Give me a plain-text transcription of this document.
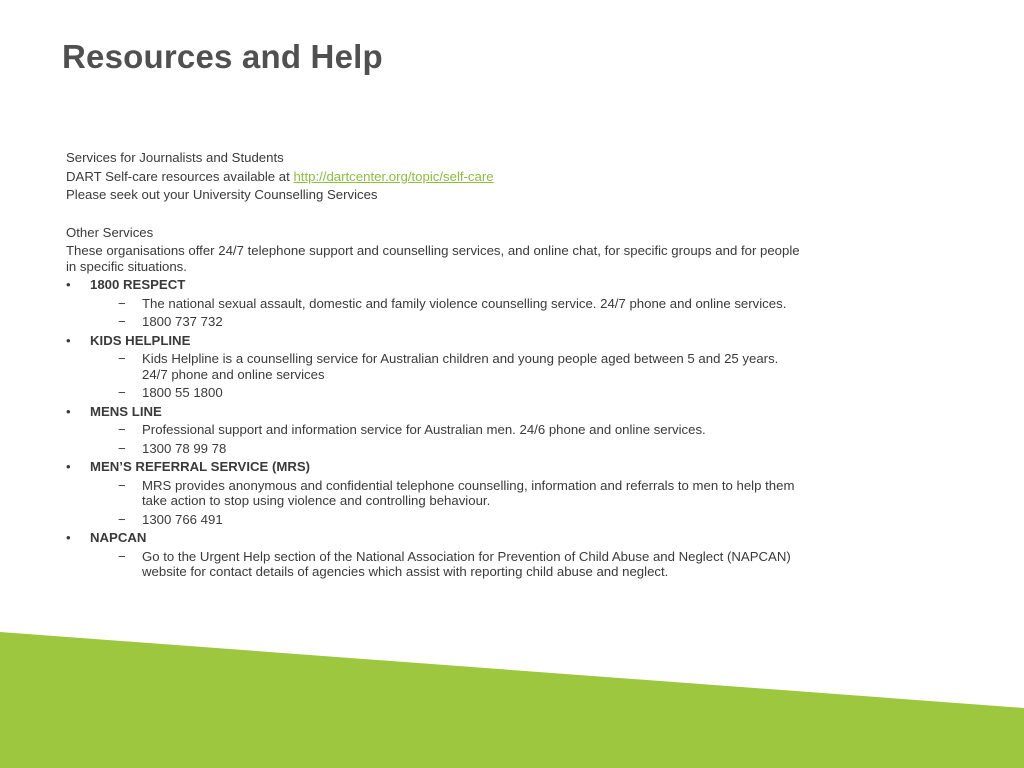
Resources and Help

Services for Journalists and Students

DART Self-care resources available at http://dartcenter.org/topic/self-care

Please seek out your University Counselling Services

Other Services

These organisations offer 24/7 telephone support and counselling services, and online chat, for specific groups and for people in specific situations.

• 1800 RESPECT
− The national sexual assault, domestic and family violence counselling service. 24/7 phone and online services.
− 1800 737 732
• KIDS HELPLINE
− Kids Helpline is a counselling service for Australian children and young people aged between 5 and 25 years. 24/7 phone and online services
− 1800 55 1800
• MENS LINE
− Professional support and information service for Australian men. 24/6 phone and online services.
− 1300 78 99 78
• MEN’S REFERRAL SERVICE (MRS)
− MRS provides anonymous and confidential telephone counselling, information and referrals to men to help them take action to stop using violence and controlling behaviour.
− 1300 766 491
• NAPCAN
− Go to the Urgent Help section of the National Association for Prevention of Child Abuse and Neglect (NAPCAN) website for contact details of agencies which assist with reporting child abuse and neglect.
